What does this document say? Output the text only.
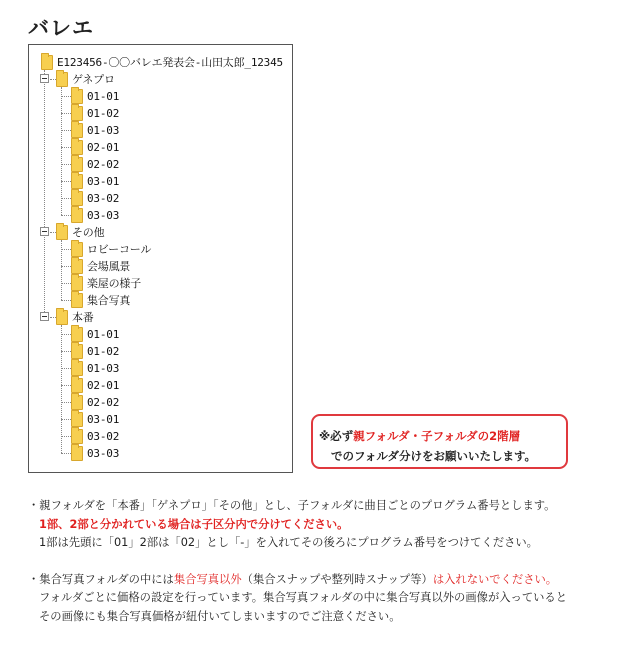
バレエ
E123456-〇〇バレエ発表会-山田太郎_12345
ゲネプロ
01-01
01-02
01-03
02-01
02-02
03-01
03-02
03-03
その他
ロビーコール
会場風景
楽屋の様子
集合写真
本番
01-01
01-02
01-03
02-01
02-02
03-01
03-02
03-03
※必ず親フォルダ・子フォルダの2階層
でのフォルダ分けをお願いいたします。

・親フォルダを「本番」「ゲネプロ」「その他」とし、子フォルダに曲目ごとのプログラム番号とします。

1部、2部と分かれている場合は子区分内で分けてください。

1部は先頭に「01」2部は「02」とし「-」を入れてその後ろにプログラム番号をつけてください。

・集合写真フォルダの中には集合写真以外（集合スナップや整列時スナップ等）は入れないでください。

フォルダごとに価格の設定を行っています。集合写真フォルダの中に集合写真以外の画像が入っていると

その画像にも集合写真価格が紐付いてしまいますのでご注意ください。
